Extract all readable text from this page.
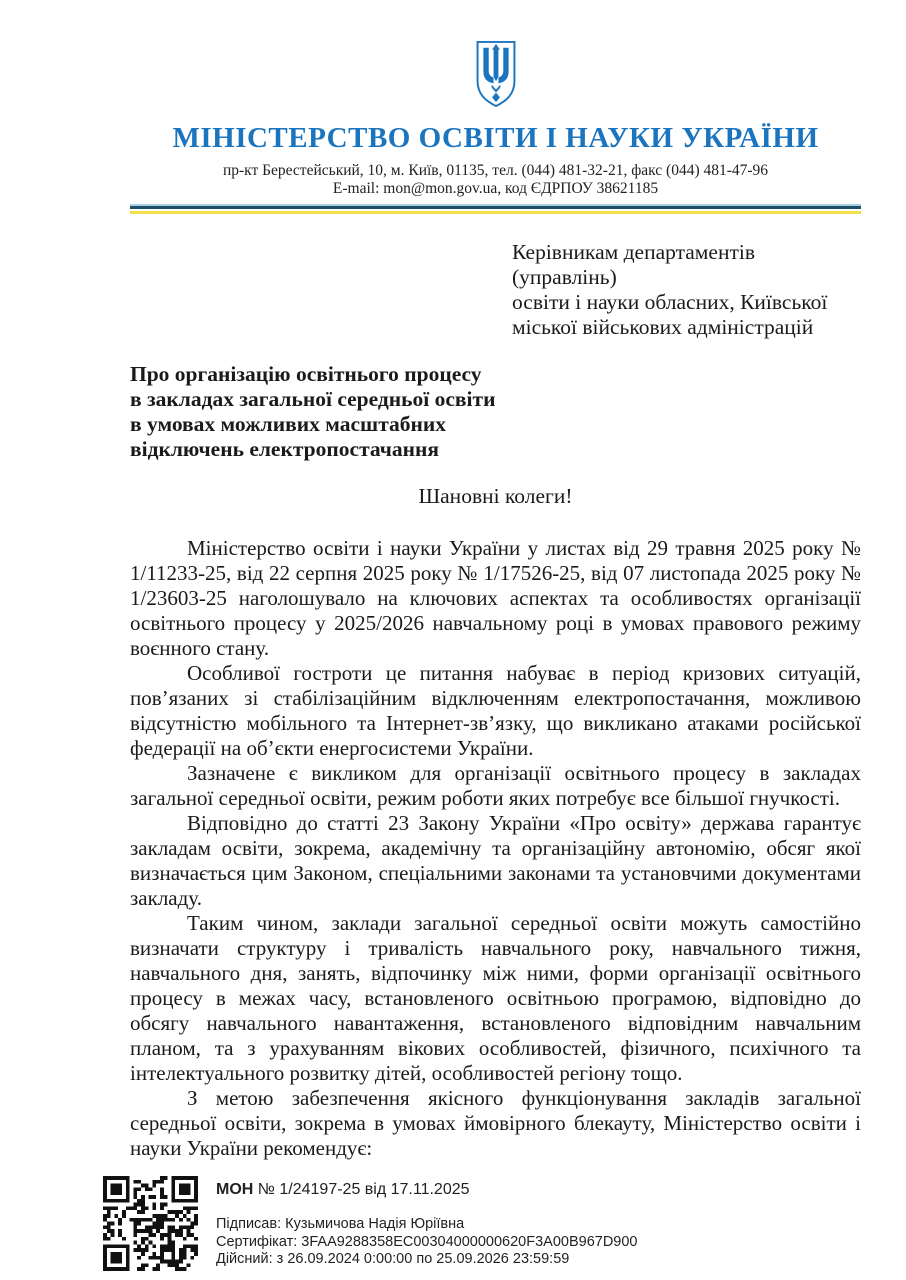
МІНІСТЕРСТВО ОСВІТИ І НАУКИ УКРАЇНИ
пр-кт Берестейський, 10, м. Київ, 01135, тел. (044) 481-32-21, факс (044) 481-47-96
E-mail: mon@mon.gov.ua, код ЄДРПОУ 38621185
Керівникам департаментів (управлінь)
освіти і науки обласних, Київської
міської військових адміністрацій
Про організацію освітнього процесу
в закладах загальної середньої освіти
в умовах можливих масштабних
відключень електропостачання
Шановні колеги!

Міністерство освіти і науки України у листах від 29 травня 2025 року № 1/11233-25, від 22 серпня 2025 року № 1/17526-25, від 07 листопада 2025 року № 1/23603-25 наголошувало на ключових аспектах та особливостях організації освітнього процесу у 2025/2026 навчальному році в умовах правового режиму воєнного стану.

Особливої гостроти це питання набуває в період кризових ситуацій, пов’язаних зі стабілізаційним відключенням електропостачання, можливою відсутністю мобільного та Інтернет-зв’язку, що викликано атаками російської федерації на об’єкти енергосистеми України.

Зазначене є викликом для організації освітнього процесу в закладах загальної середньої освіти, режим роботи яких потребує все більшої гнучкості.

Відповідно до статті 23 Закону України «Про освіту» держава гарантує закладам освіти, зокрема, академічну та організаційну автономію, обсяг якої визначається цим Законом, спеціальними законами та установчими документами закладу.

Таким чином, заклади загальної середньої освіти можуть самостійно визначати структуру і тривалість навчального року, навчального тижня, навчального дня, занять, відпочинку між ними, форми організації освітнього процесу в межах часу, встановленого освітньою програмою, відповідно до обсягу навчального навантаження, встановленого відповідним навчальним планом, та з урахуванням вікових особливостей, фізичного, психічного та інтелектуального розвитку дітей, особливостей регіону тощо.

З метою забезпечення якісного функціонування закладів загальної середньої освіти, зокрема в умовах ймовірного блекауту, Міністерство освіти і науки України рекомендує:

МОН № 1/24197-25 від 17.11.2025
Підписав: Кузьмичова Надія Юріївна
Сертифікат: 3FAA9288358EC00304000000620F3A00B967D900
Дійсний: з 26.09.2024 0:00:00 по 25.09.2026 23:59:59
